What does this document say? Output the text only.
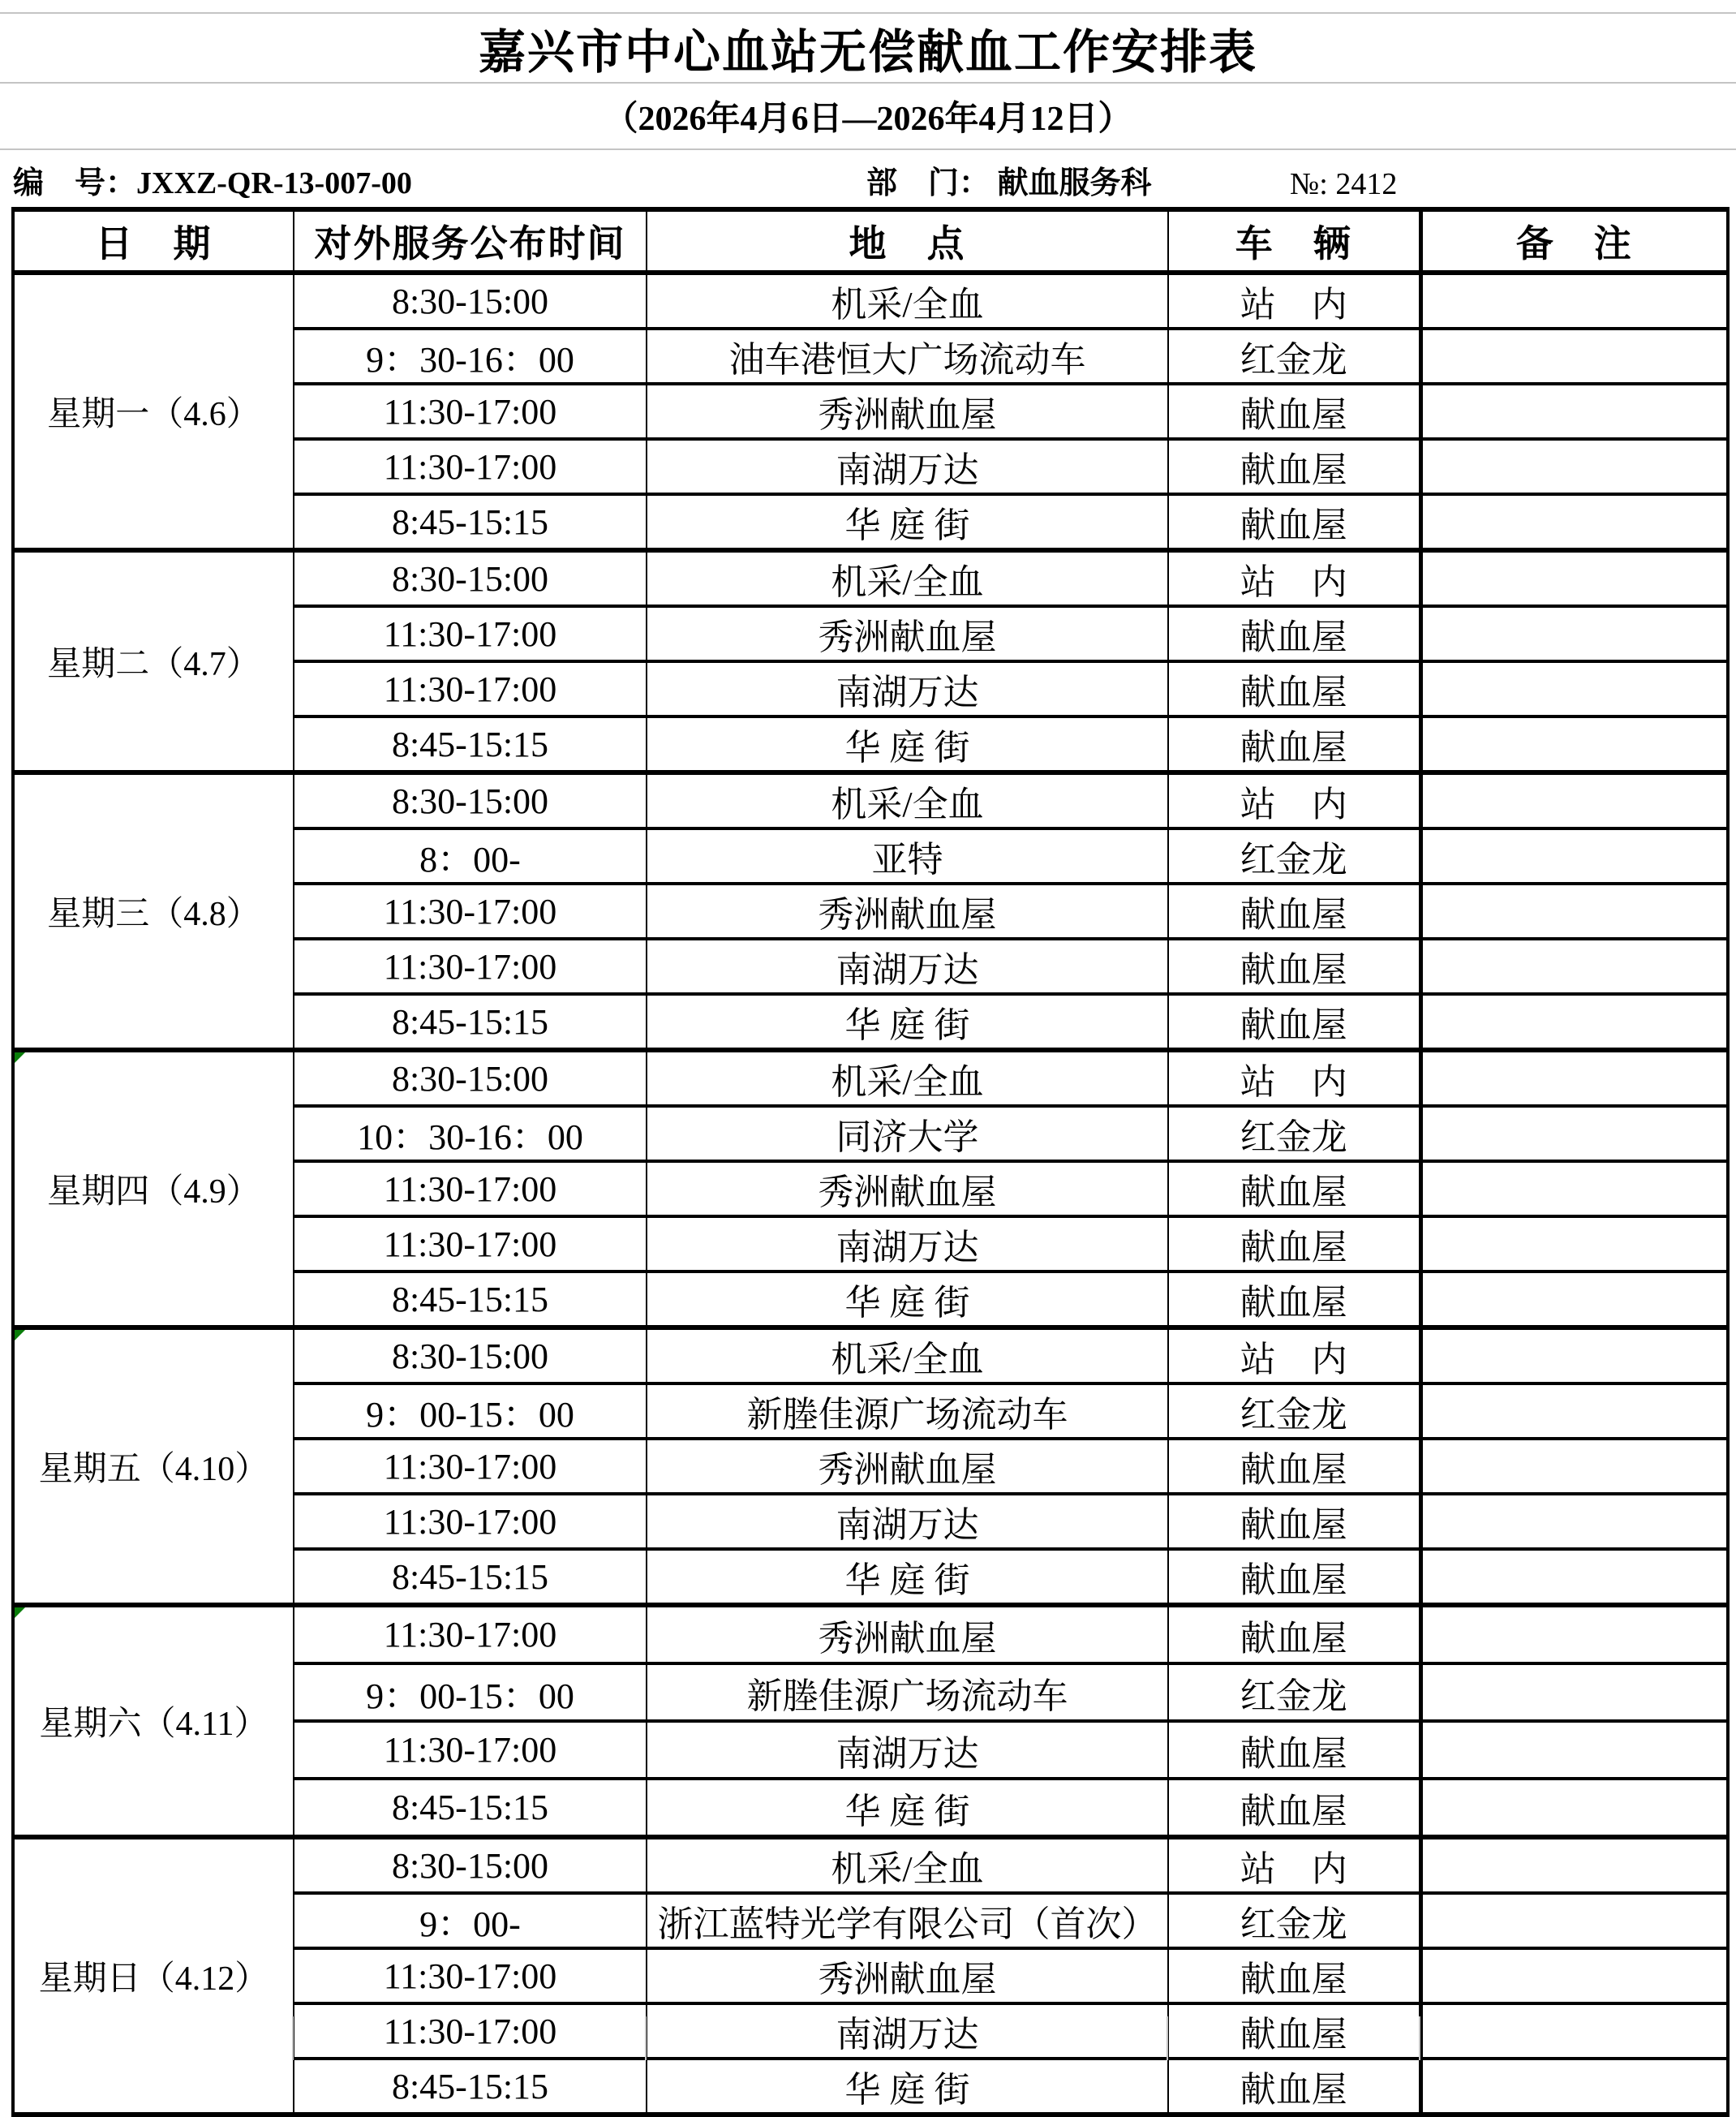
嘉兴市中心血站无偿献血工作安排表
（2026年4月6日—2026年4月12日）
编　号：JXXZ-QR-13-007-00	部　门： 献血服务科	№: 2412
日　期	对外服务公布时间	地　点	车　辆	备　注
星期一（4.6）	8:30-15:00	机采/全血	站　内	
	9：30-16：00	油车港恒大广场流动车	红金龙	
	11:30-17:00	秀洲献血屋	献血屋	
	11:30-17:00	南湖万达	献血屋	
	8:45-15:15	华 庭 街	献血屋	
星期二（4.7）	8:30-15:00	机采/全血	站　内	
	11:30-17:00	秀洲献血屋	献血屋	
	11:30-17:00	南湖万达	献血屋	
	8:45-15:15	华 庭 街	献血屋	
星期三（4.8）	8:30-15:00	机采/全血	站　内	
	8：00-	亚特	红金龙	
	11:30-17:00	秀洲献血屋	献血屋	
	11:30-17:00	南湖万达	献血屋	
	8:45-15:15	华 庭 街	献血屋	

星期四（4.9）	8:30-15:00	机采/全血	站　内	
	10：30-16：00	同济大学	红金龙	
	11:30-17:00	秀洲献血屋	献血屋	
	11:30-17:00	南湖万达	献血屋	
	8:45-15:15	华 庭 街	献血屋	

星期五（4.10）	8:30-15:00	机采/全血	站　内	
	9：00-15：00	新塍佳源广场流动车	红金龙	
	11:30-17:00	秀洲献血屋	献血屋	
	11:30-17:00	南湖万达	献血屋	
	8:45-15:15	华 庭 街	献血屋	

星期六（4.11）	11:30-17:00	秀洲献血屋	献血屋	
	9：00-15：00	新塍佳源广场流动车	红金龙	
	11:30-17:00	南湖万达	献血屋	
	8:45-15:15	华 庭 街	献血屋	
星期日（4.12）	8:30-15:00	机采/全血	站　内	
	9：00-	浙江蓝特光学有限公司（首次）	红金龙	
	11:30-17:00	秀洲献血屋	献血屋	
	11:30-17:00	南湖万达	献血屋	
	8:45-15:15	华 庭 街	献血屋	
